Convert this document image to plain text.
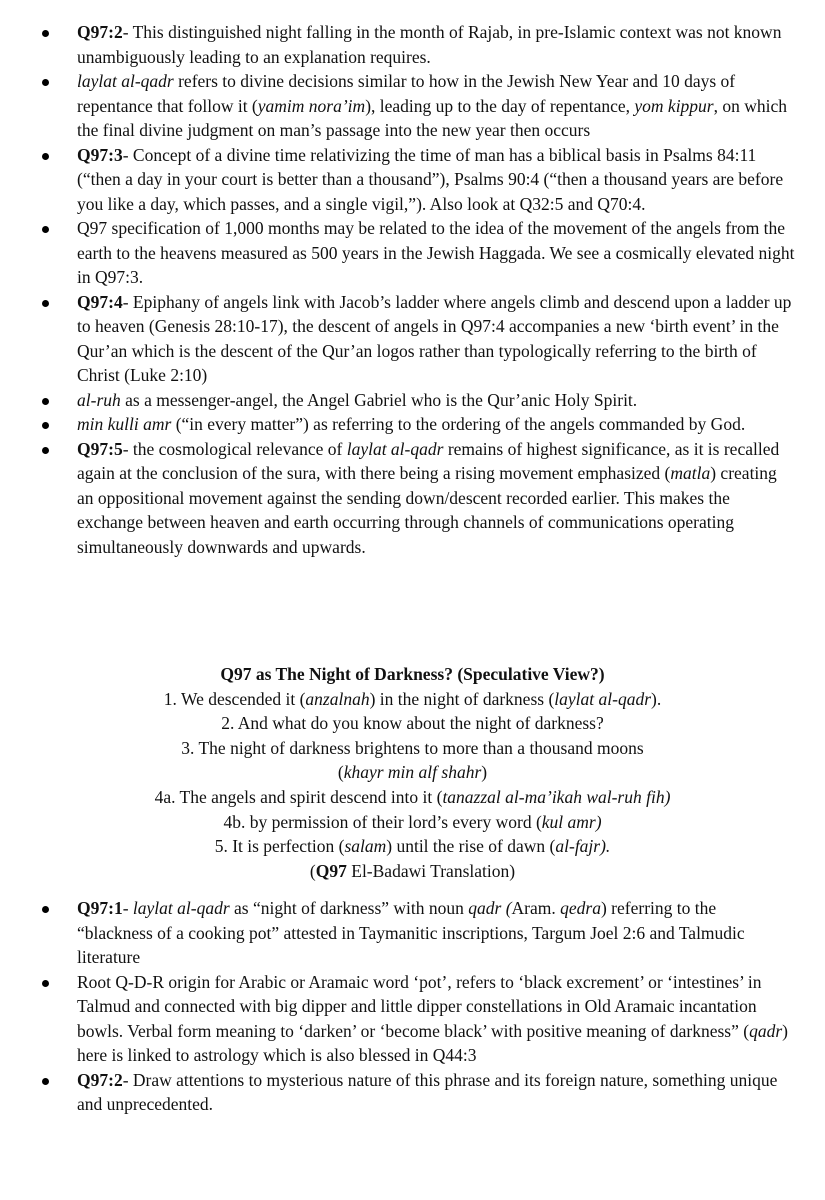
Q97:2- This distinguished night falling in the month of Rajab, in pre-Islamic context was not known unambiguously leading to an explanation requires.
laylat al-qadr refers to divine decisions similar to how in the Jewish New Year and 10 days of repentance that follow it (yamim nora’im), leading up to the day of repentance, yom kippur, on which the final divine judgment on man’s passage into the new year then occurs
Q97:3- Concept of a divine time relativizing the time of man has a biblical basis in Psalms 84:11 (“then a day in your court is better than a thousand”), Psalms 90:4 (“then a thousand years are before you like a day, which passes, and a single vigil,”). Also look at Q32:5 and Q70:4.
Q97 specification of 1,000 months may be related to the idea of the movement of the angels from the earth to the heavens measured as 500 years in the Jewish Haggada. We see a cosmically elevated night in Q97:3.
Q97:4- Epiphany of angels link with Jacob’s ladder where angels climb and descend upon a ladder up to heaven (Genesis 28:10-17), the descent of angels in Q97:4 accompanies a new ‘birth event’ in the Qur’an which is the descent of the Qur’an logos rather than typologically referring to the birth of Christ (Luke 2:10)
al-ruh as a messenger-angel, the Angel Gabriel who is the Qur’anic Holy Spirit.
min kulli amr (“in every matter”) as referring to the ordering of the angels commanded by God.
Q97:5- the cosmological relevance of laylat al-qadr remains of highest significance, as it is recalled again at the conclusion of the sura, with there being a rising movement emphasized (matla) creating an oppositional movement against the sending down/descent recorded earlier. This makes the exchange between heaven and earth occurring through channels of communications operating simultaneously downwards and upwards.
Q97 as The Night of Darkness? (Speculative View?)
1. We descended it (anzalnah) in the night of darkness (laylat al-qadr).
2. And what do you know about the night of darkness?
3. The night of darkness brightens to more than a thousand moons
(khayr min alf shahr)
4a. The angels and spirit descend into it (tanazzal al-ma’ikah wal-ruh fih)
4b. by permission of their lord’s every word (kul amr)
5. It is perfection (salam) until the rise of dawn (al-fajr).
(Q97 El-Badawi Translation)
Q97:1- laylat al-qadr as “night of darkness” with noun qadr (Aram. qedra) referring to the “blackness of a cooking pot” attested in Taymanitic inscriptions, Targum Joel 2:6 and Talmudic literature
Root Q-D-R origin for Arabic or Aramaic word ‘pot’, refers to ‘black excrement’ or ‘intestines’ in Talmud and connected with big dipper and little dipper constellations in Old Aramaic incantation bowls. Verbal form meaning to ‘darken’ or ‘become black’ with positive meaning of darkness” (qadr) here is linked to astrology which is also blessed in Q44:3
Q97:2- Draw attentions to mysterious nature of this phrase and its foreign nature, something unique and unprecedented.
